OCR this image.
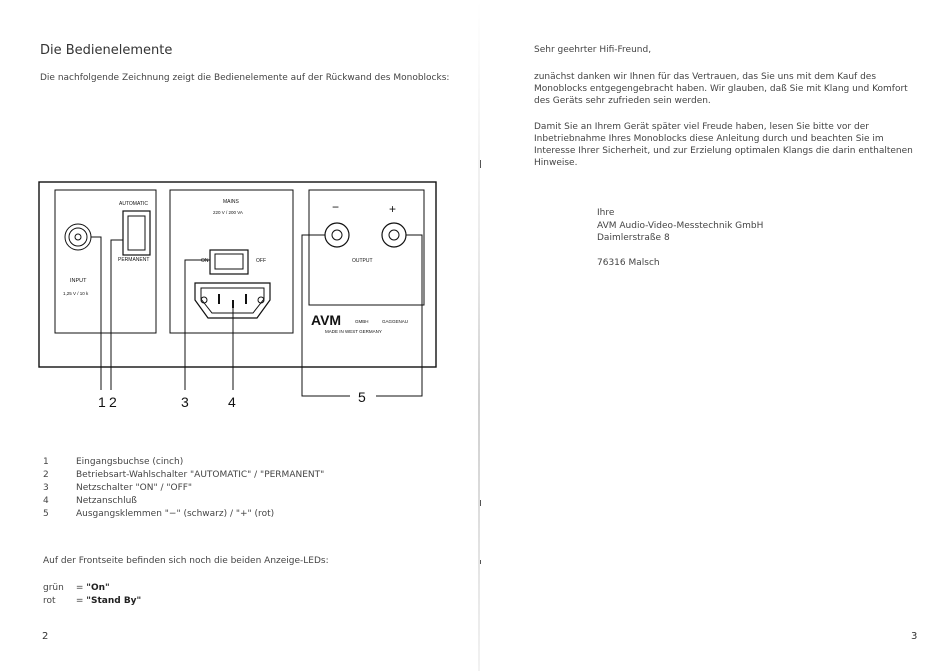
Die Bedienelemente
Die nachfolgende Zeichnung zeigt die Bedienelemente auf der Rückwand des Monoblocks:
AUTOMATIC
PERMANENT
INPUT
1,25 V / 10 k
MAINS
220 V / 200 VA
ON	OFF
−	+
OUTPUT
AVM	GMBH	GAGGENAU
MADE IN WEST GERMANY
1 2	3	4	5
1	Eingangsbuchse (cinch)
2	Betriebsart-Wahlschalter "AUTOMATIC" / "PERMANENT"
3	Netzschalter "ON" / "OFF"
4	Netzanschluß
5	Ausgangsklemmen "−" (schwarz) / "+" (rot)
Auf der Frontseite befinden sich noch die beiden Anzeige-LEDs:
grün = "On"
rot = "Stand By"
2
Sehr geehrter Hifi-Freund,
zunächst danken wir Ihnen für das Vertrauen, das Sie uns mit dem Kauf des Monoblocks entgegengebracht haben. Wir glauben, daß Sie mit Klang und Komfort des Geräts sehr zufrieden sein werden.
Damit Sie an Ihrem Gerät später viel Freude haben, lesen Sie bitte vor der Inbetriebnahme Ihres Monoblocks diese Anleitung durch und beachten Sie im Interesse Ihrer Sicherheit, und zur Erzielung optimalen Klangs die darin enthaltenen Hinweise.
Ihre
AVM Audio-Video-Messtechnik GmbH
Daimlerstraße 8
76316 Malsch
3
